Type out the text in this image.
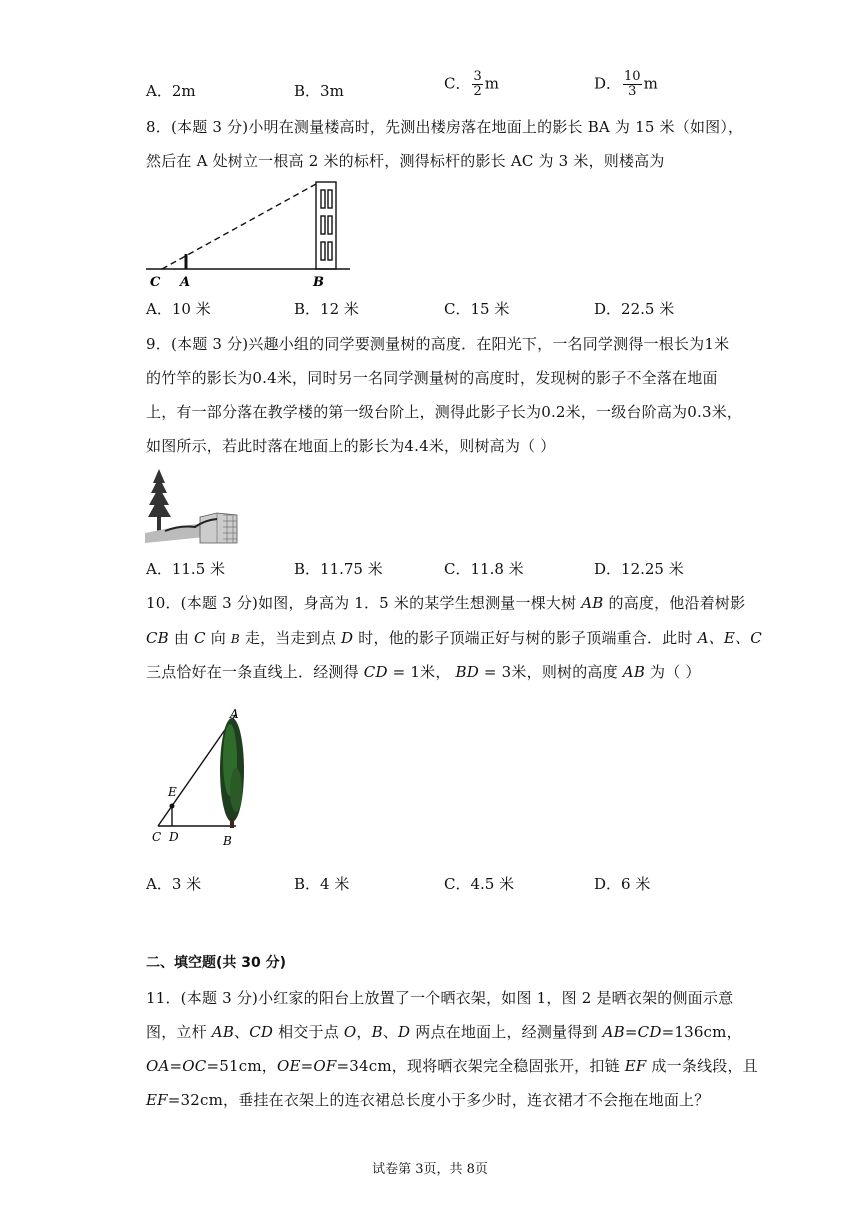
A．2m	B．3m	C． $\frac{3}{2}$ m	D． $\frac{10}{3}$ m
8．(本题 3 分)小明在测量楼高时，先测出楼房落在地面上的影长 BA 为 15 米（如图），
然后在 A 处树立一根高 2 米的标杆，测得标杆的影长 AC 为 3 米，则楼高为
C A	B
A．10 米	B．12 米	C．15 米	D．22.5 米
9．(本题 3 分)兴趣小组的同学要测量树的高度．在阳光下，一名同学测得一根长为1米
的竹竿的影长为0.4米，同时另一名同学测量树的高度时，发现树的影子不全落在地面
上，有一部分落在教学楼的第一级台阶上，测得此影子长为0.2米，一级台阶高为0.3米，
如图所示，若此时落在地面上的影长为4.4米，则树高为（ ）
A．11.5 米	B．11.75 米	C．11.8 米	D．12.25 米
10．(本题 3 分)如图，身高为 1．5 米的某学生想测量一棵大树 AB 的高度，他沿着树影
CB 由 C 向 B 走，当走到点 D 时，他的影子顶端正好与树的影子顶端重合．此时 A、E、C
三点恰好在一条直线上．经测得 CD = 1米， BD = 3米，则树的高度 AB 为（ ）
A
E
C D	B
A．3 米	B．4 米	C．4.5 米	D．6 米
二、填空题(共 30 分)
11．(本题 3 分)小红家的阳台上放置了一个晒衣架，如图 1，图 2 是晒衣架的侧面示意
图，立杆 AB、CD 相交于点 O，B、D 两点在地面上，经测量得到 AB=CD=136cm，
OA=OC=51cm，OE=OF=34cm，现将晒衣架完全稳固张开，扣链 EF 成一条线段，且
EF=32cm，垂挂在衣架上的连衣裙总长度小于多少时，连衣裙才不会拖在地面上？
试卷第 3页，共 8页
